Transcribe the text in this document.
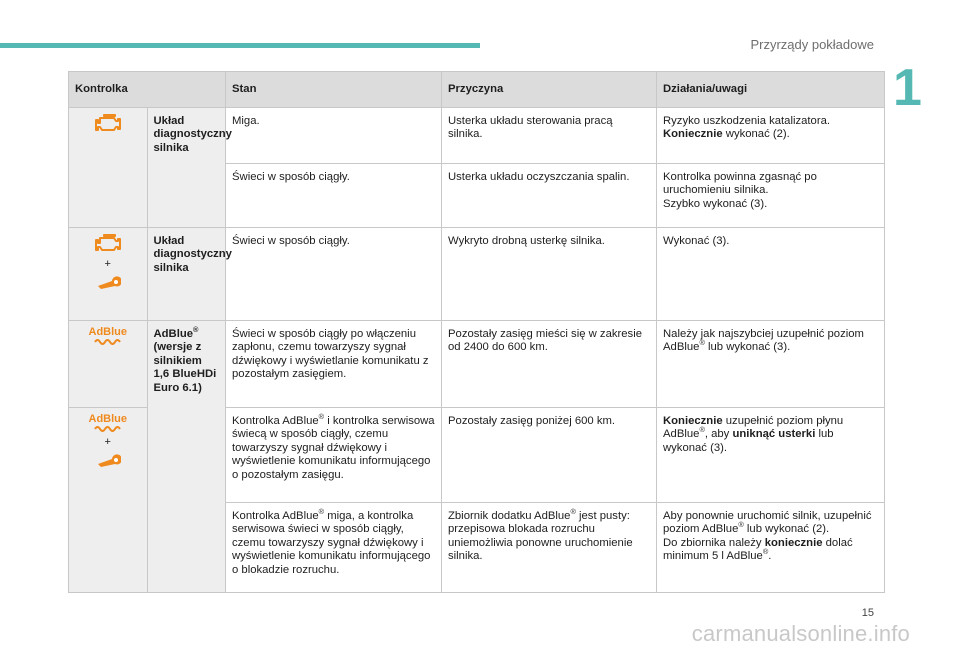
Przyrządy pokładowe
1
Kontrolka		Stan	Przyczyna	Działania/uwagi

	Układ diagnostyczny silnika	Miga.	Usterka układu sterowania pracą silnika.	Ryzyko uszkodzenia katalizatora.
Koniecznie wykonać (2).

		Świeci w sposób ciągły.	Usterka układu oczyszczania spalin.	Kontrolka powinna zgasnąć po uruchomieniu silnika.
Szybko wykonać (3).

+	Układ diagnostyczny silnika	Świeci w sposób ciągły.	Wykryto drobną usterkę silnika.	Wykonać (3).

AdBlue	AdBlue®
(wersje z silnikiem 1,6 BlueHDi Euro 6.1)	Świeci w sposób ciągły po włączeniu zapłonu, czemu towarzyszy sygnał dźwiękowy i wyświetlanie komunikatu z pozostałym zasięgiem.	Pozostały zasięg mieści się w zakresie od 2400 do 600 km.	Należy jak najszybciej uzupełnić poziom AdBlue® lub wykonać (3).

AdBlue
+		Kontrolka AdBlue® i kontrolka serwisowa świecą w sposób ciągły, czemu towarzyszy sygnał dźwiękowy i wyświetlenie komunikatu informującego o pozostałym zasięgu.	Pozostały zasięg poniżej 600 km.	Koniecznie uzupełnić poziom płynu AdBlue®, aby uniknąć usterki lub wykonać (3).
		Kontrolka AdBlue® miga, a kontrolka serwisowa świeci w sposób ciągły, czemu towarzyszy sygnał dźwiękowy i wyświetlenie komunikatu informującego o blokadzie rozruchu.	Zbiornik dodatku AdBlue® jest pusty: przepisowa blokada rozruchu uniemożliwia ponowne uruchomienie silnika.	Aby ponownie uruchomić silnik, uzupełnić poziom AdBlue® lub wykonać (2).
Do zbiornika należy koniecznie dolać minimum 5 l AdBlue®.
15
carmanualsonline.info
